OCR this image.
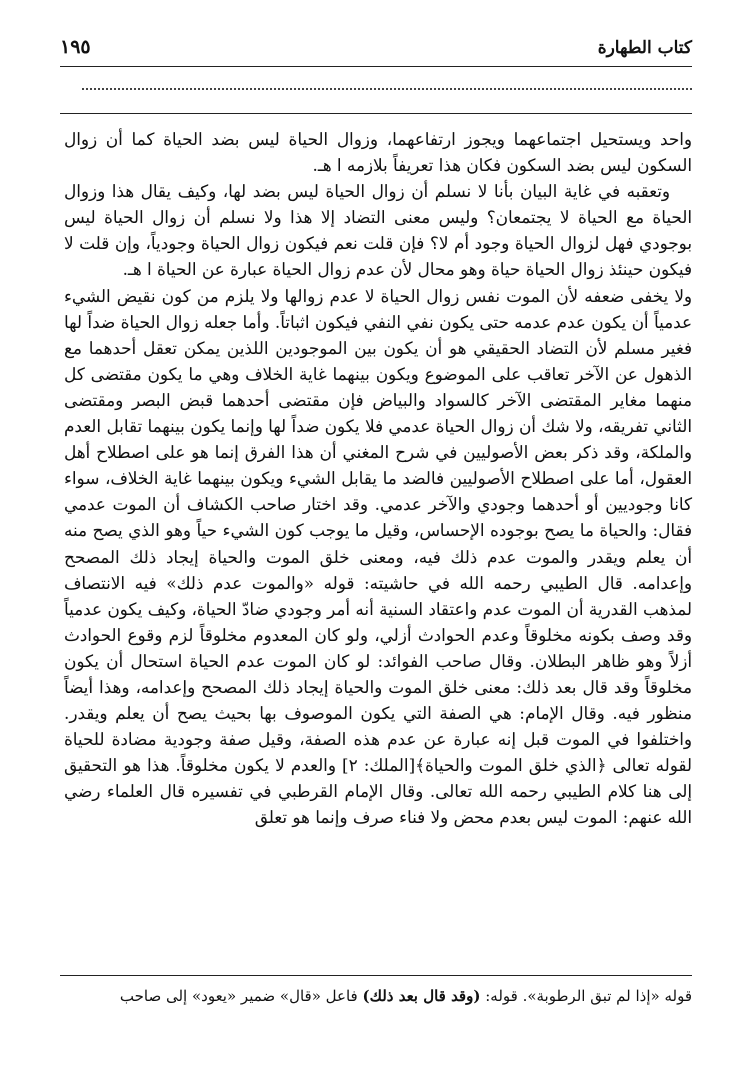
كتاب الطهارة
١٩٥

واحد ويستحيل اجتماعهما ويجوز ارتفاعهما، وزوال الحياة ليس بضد الحياة كما أن زوال السكون ليس بضد السكون فكان هذا تعريفاً بلازمه ا هـ.

وتعقبه في غاية البيان بأنا لا نسلم أن زوال الحياة ليس بضد لها، وكيف يقال هذا وزوال الحياة مع الحياة لا يجتمعان؟ وليس معنى التضاد إلا هذا ولا نسلم أن زوال الحياة ليس بوجودي فهل لزوال الحياة وجود أم لا؟ فإن قلت نعم فيكون زوال الحياة وجودياً، وإن قلت لا فيكون حينئذ زوال الحياة حياة وهو محال لأن عدم زوال الحياة عبارة عن الحياة ا هـ.

ولا يخفى ضعفه لأن الموت نفس زوال الحياة لا عدم زوالها ولا يلزم من كون نقيض الشيء عدمياً أن يكون عدم عدمه حتى يكون نفي النفي فيكون اثباتاً. وأما جعله زوال الحياة ضداً لها فغير مسلم لأن التضاد الحقيقي هو أن يكون بين الموجودين اللذين يمكن تعقل أحدهما مع الذهول عن الآخر تعاقب على الموضوع ويكون بينهما غاية الخلاف وهي ما يكون مقتضى كل منهما مغاير المقتضى الآخر كالسواد والبياض فإن مقتضى أحدهما قبض البصر ومقتضى الثاني تفريقه، ولا شك أن زوال الحياة عدمي فلا يكون ضداً لها وإنما يكون بينهما تقابل العدم والملكة، وقد ذكر بعض الأصوليين في شرح المغني أن هذا الفرق إنما هو على اصطلاح أهل العقول، أما على اصطلاح الأصوليين فالضد ما يقابل الشيء ويكون بينهما غاية الخلاف، سواء كانا وجوديين أو أحدهما وجودي والآخر عدمي. وقد اختار صاحب الكشاف أن الموت عدمي فقال: والحياة ما يصح بوجوده الإحساس، وقيل ما يوجب كون الشيء حياً وهو الذي يصح منه أن يعلم ويقدر والموت عدم ذلك فيه، ومعنى خلق الموت والحياة إيجاد ذلك المصحح وإعدامه. قال الطيبي رحمه الله في حاشيته: قوله «والموت عدم ذلك» فيه الانتصاف لمذهب القدرية أن الموت عدم واعتقاد السنية أنه أمر وجودي ضادّ الحياة، وكيف يكون عدمياً وقد وصف بكونه مخلوقاً وعدم الحوادث أزلي، ولو كان المعدوم مخلوقاً لزم وقوع الحوادث أزلاً وهو ظاهر البطلان. وقال صاحب الفوائد: لو كان الموت عدم الحياة استحال أن يكون مخلوقاً وقد قال بعد ذلك: معنى خلق الموت والحياة إيجاد ذلك المصحح وإعدامه، وهذا أيضاً منظور فيه. وقال الإمام: هي الصفة التي يكون الموصوف بها بحيث يصح أن يعلم ويقدر. واختلفوا في الموت قبل إنه عبارة عن عدم هذه الصفة، وقيل صفة وجودية مضادة للحياة لقوله تعالى ﴿الذي خلق الموت والحياة﴾[الملك: ٢] والعدم لا يكون مخلوقاً. هذا هو التحقيق إلى هنا كلام الطيبي رحمه الله تعالى. وقال الإمام القرطبي في تفسيره قال العلماء رضي الله عنهم: الموت ليس بعدم محض ولا فناء صرف وإنما هو تعلق

قوله «إذا لم تبق الرطوبة». قوله: (وقد قال بعد ذلك) فاعل «قال» ضمير «يعود» إلى صاحب
